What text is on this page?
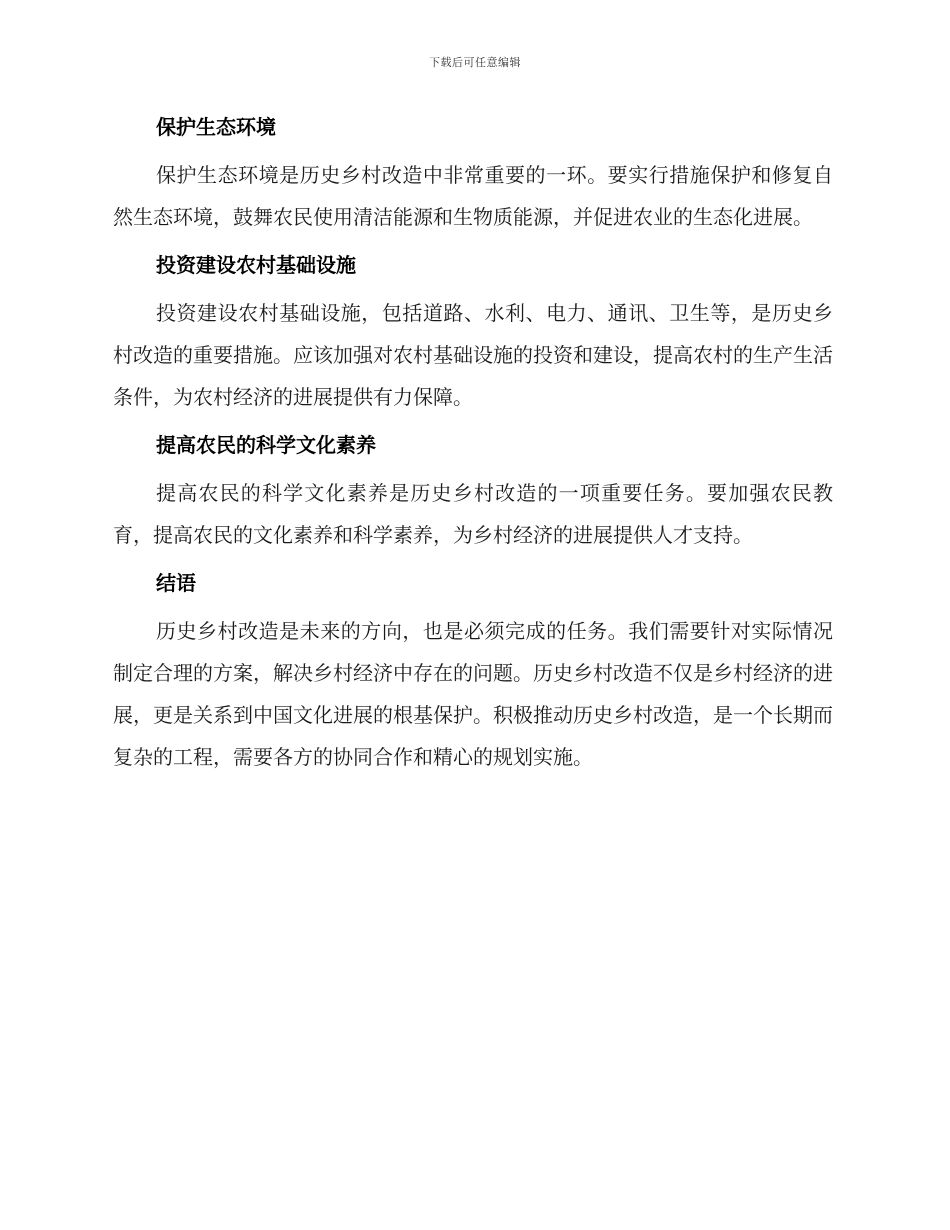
下载后可任意编辑
保护生态环境

保护生态环境是历史乡村改造中非常重要的一环。要实行措施保护和修复自然生态环境，鼓舞农民使用清洁能源和生物质能源，并促进农业的生态化进展。

投资建设农村基础设施

投资建设农村基础设施，包括道路、水利、电力、通讯、卫生等，是历史乡村改造的重要措施。应该加强对农村基础设施的投资和建设，提高农村的生产生活条件，为农村经济的进展提供有力保障。

提高农民的科学文化素养

提高农民的科学文化素养是历史乡村改造的一项重要任务。要加强农民教育，提高农民的文化素养和科学素养，为乡村经济的进展提供人才支持。

结语

历史乡村改造是未来的方向，也是必须完成的任务。我们需要针对实际情况制定合理的方案，解决乡村经济中存在的问题。历史乡村改造不仅是乡村经济的进展，更是关系到中国文化进展的根基保护。积极推动历史乡村改造，是一个长期而复杂的工程，需要各方的协同合作和精心的规划实施。
